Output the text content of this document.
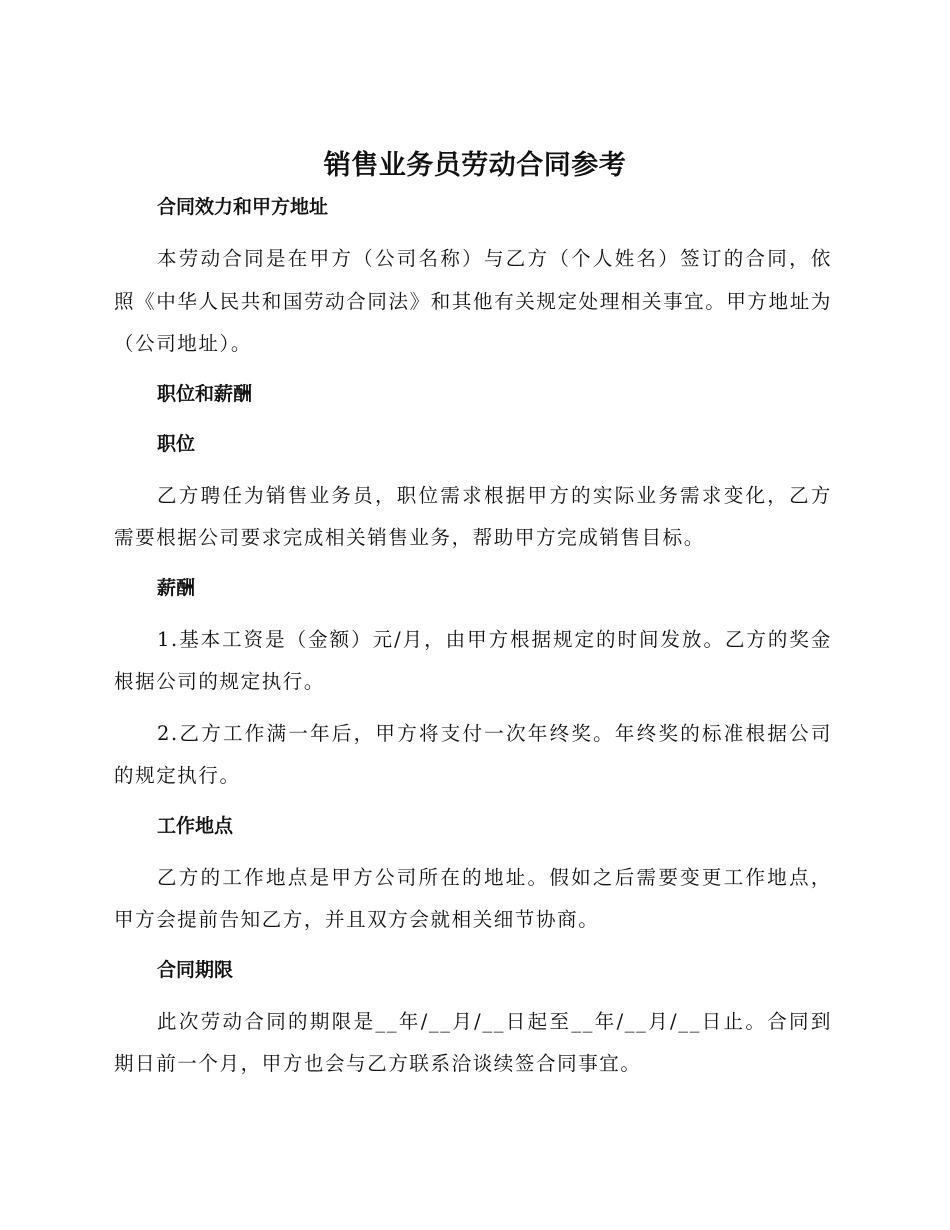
销售业务员劳动合同参考
合同效力和甲方地址

本劳动合同是在甲方（公司名称）与乙方（个人姓名）签订的合同，依照《中华人民共和国劳动合同法》和其他有关规定处理相关事宜。甲方地址为（公司地址）。

职位和薪酬
职位

乙方聘任为销售业务员，职位需求根据甲方的实际业务需求变化，乙方需要根据公司要求完成相关销售业务，帮助甲方完成销售目标。

薪酬

1.基本工资是（金额）元/月，由甲方根据规定的时间发放。乙方的奖金根据公司的规定执行。

2.乙方工作满一年后，甲方将支付一次年终奖。年终奖的标准根据公司的规定执行。

工作地点

乙方的工作地点是甲方公司所在的地址。假如之后需要变更工作地点，甲方会提前告知乙方，并且双方会就相关细节协商。

合同期限

此次劳动合同的期限是__年/__月/__日起至__年/__月/__日止。合同到期日前一个月，甲方也会与乙方联系洽谈续签合同事宜。
